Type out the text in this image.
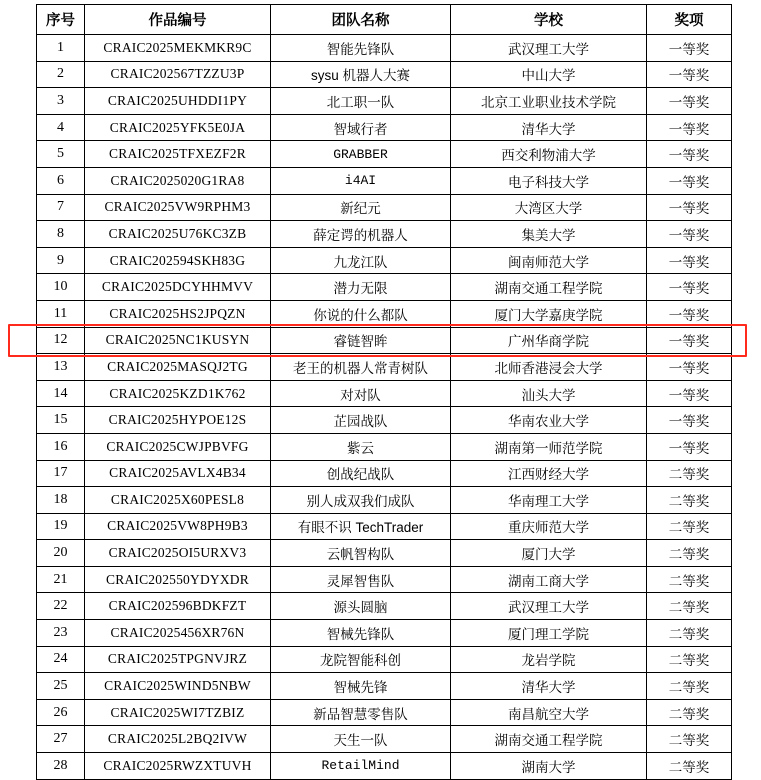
序号	作品编号	团队名称	学校	奖项
1	CRAIC2025MEKMKR9C	智能先锋队	武汉理工大学	一等奖
2	CRAIC202567TZZU3P	sysu 机器人大赛	中山大学	一等奖
3	CRAIC2025UHDDI1PY	北工职一队	北京工业职业技术学院	一等奖
4	CRAIC2025YFK5E0JA	智域行者	清华大学	一等奖
5	CRAIC2025TFXEZF2R	GRABBER	西交利物浦大学	一等奖
6	CRAIC2025020G1RA8	i4AI	电子科技大学	一等奖
7	CRAIC2025VW9RPHM3	新纪元	大湾区大学	一等奖
8	CRAIC2025U76KC3ZB	薛定谔的机器人	集美大学	一等奖
9	CRAIC202594SKH83G	九龙江队	闽南师范大学	一等奖
10	CRAIC2025DCYHHMVV	潜力无限	湖南交通工程学院	一等奖
11	CRAIC2025HS2JPQZN	你说的什么都队	厦门大学嘉庚学院	一等奖
12	CRAIC2025NC1KUSYN	睿链智眸	广州华商学院	一等奖
13	CRAIC2025MASQJ2TG	老王的机器人常青树队	北师香港浸会大学	一等奖
14	CRAIC2025KZD1K762	对对队	汕头大学	一等奖
15	CRAIC2025HYPOE12S	芷园战队	华南农业大学	一等奖
16	CRAIC2025CWJPBVFG	紫云	湖南第一师范学院	一等奖
17	CRAIC2025AVLX4B34	创战纪战队	江西财经大学	二等奖
18	CRAIC2025X60PESL8	别人成双我们成队	华南理工大学	二等奖
19	CRAIC2025VW8PH9B3	有眼不识 TechTrader	重庆师范大学	二等奖
20	CRAIC2025OI5URXV3	云帆智构队	厦门大学	二等奖
21	CRAIC202550YDYXDR	灵犀智售队	湖南工商大学	二等奖
22	CRAIC202596BDKFZT	源头圆脑	武汉理工大学	二等奖
23	CRAIC2025456XR76N	智械先锋队	厦门理工学院	二等奖
24	CRAIC2025TPGNVJRZ	龙院智能科创	龙岩学院	二等奖
25	CRAIC2025WIND5NBW	智械先锋	清华大学	二等奖
26	CRAIC2025WI7TZBIZ	新品智慧零售队	南昌航空大学	二等奖
27	CRAIC2025L2BQ2IVW	天生一队	湖南交通工程学院	二等奖
28	CRAIC2025RWZXTUVH	RetailMind	湖南大学	二等奖
